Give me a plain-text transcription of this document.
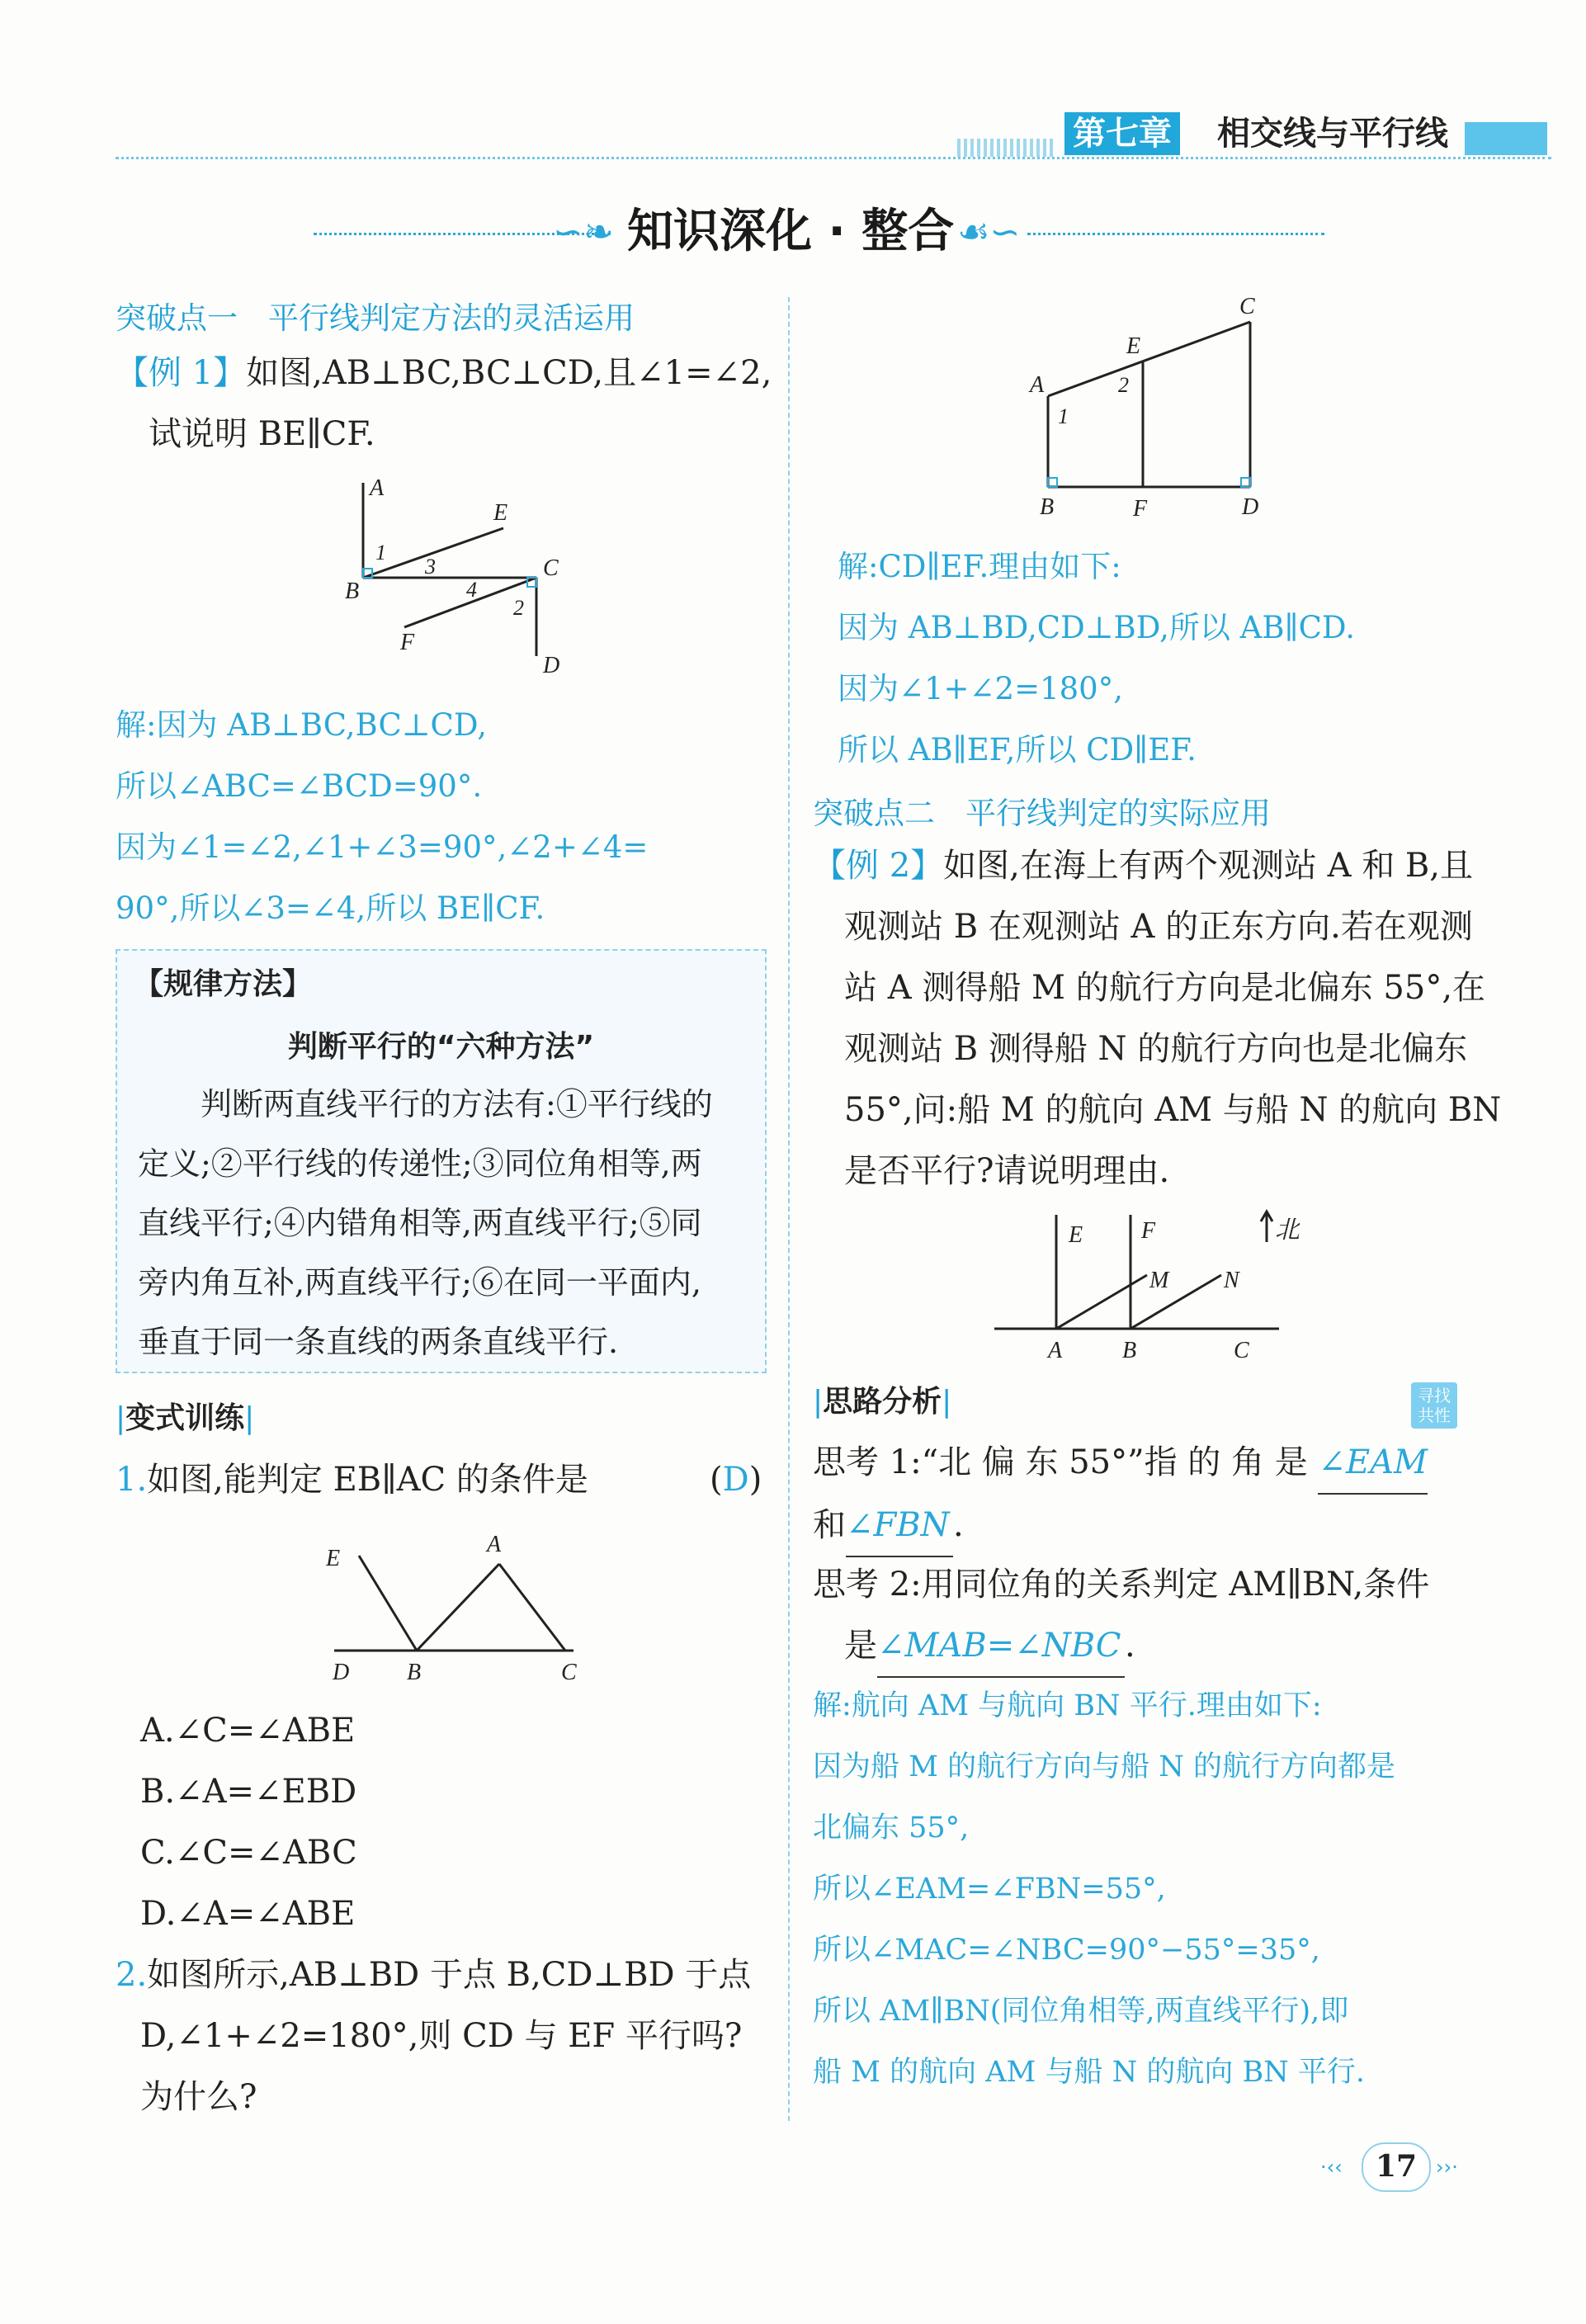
第七章 相交线与平行线
∽❧ 知识深化 · 整合 ☙∽
突破点一　平行线判定方法的灵活运用
【例 1】如图,AB⊥BC,BC⊥CD,且∠1=∠2,
试说明 BE∥CF.
A
E
1
3
B	4
C
2
F
D
解:因为 AB⊥BC,BC⊥CD,
所以∠ABC=∠BCD=90°.
因为∠1=∠2,∠1+∠3=90°,∠2+∠4=
90°,所以∠3=∠4,所以 BE∥CF.
【规律方法】
判断平行的“六种方法”
判断两直线平行的方法有:①平行线的
定义;②平行线的传递性;③同位角相等,两
直线平行;④内错角相等,两直线平行;⑤同
旁内角互补,两直线平行;⑥在同一平面内,
垂直于同一条直线的两条直线平行.
|变式训练|
1.如图,能判定 EB∥AC 的条件是	(D)
E
A
D B	C
A.∠C=∠ABE
B.∠A=∠EBD
C.∠C=∠ABC
D.∠A=∠ABE
2.如图所示,AB⊥BD 于点 B,CD⊥BD 于点
D,∠1+∠2=180°,则 CD 与 EF 平行吗?
为什么?
C
E
A	2
1
B	F	D
解:CD∥EF.理由如下:
因为 AB⊥BD,CD⊥BD,所以 AB∥CD.
因为∠1+∠2=180°,
所以 AB∥EF,所以 CD∥EF.
突破点二　平行线判定的实际应用
【例 2】如图,在海上有两个观测站 A 和 B,且
观测站 B 在观测站 A 的正东方向.若在观测
站 A 测得船 M 的航行方向是北偏东 55°,在
观测站 B 测得船 N 的航行方向也是北偏东
55°,问:船 M 的航向 AM 与船 N 的航向 BN
是否平行?请说明理由.
E	F	北
M N
A	B	C
|思路分析|	寻找共性
思考 1:“北 偏 东 55°”指 的 角 是 ∠EAM
和∠FBN .
思考 2:用同位角的关系判定 AM∥BN,条件
是∠MAB=∠NBC .
解:航向 AM 与航向 BN 平行.理由如下:
因为船 M 的航行方向与船 N 的航行方向都是
北偏东 55°,
所以∠EAM=∠FBN=55°,
所以∠MAC=∠NBC=90°−55°=35°,
所以 AM∥BN(同位角相等,两直线平行),即
船 M 的航向 AM 与船 N 的航向 BN 平行.
·‹‹	17 ››·
